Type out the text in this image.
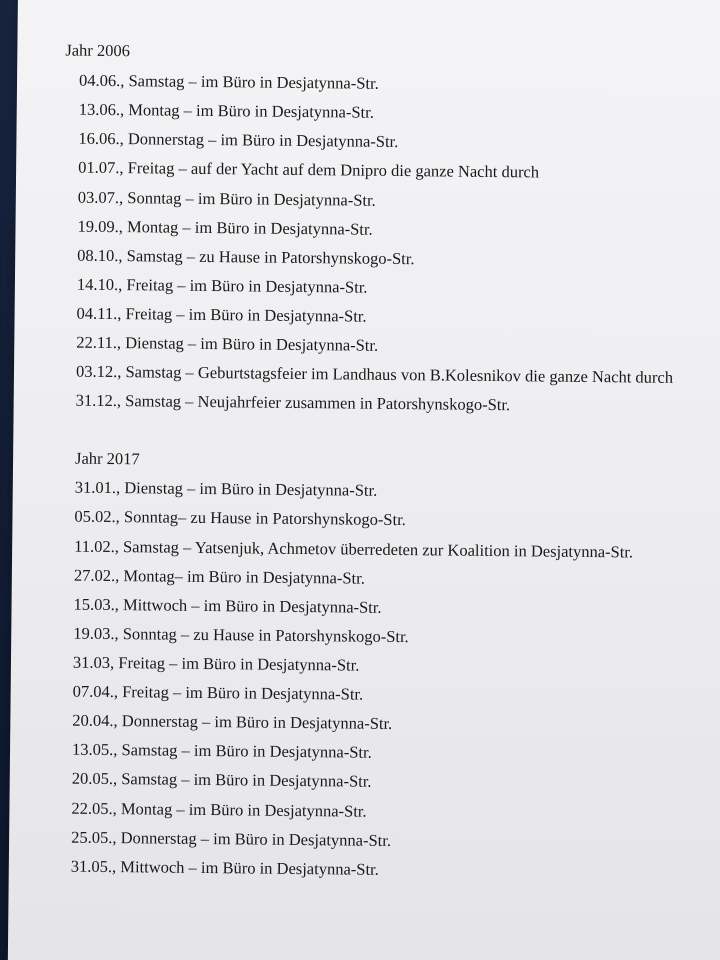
Jahr 2006
04.06., Samstag – im Büro in Desjatynna-Str.
13.06., Montag – im Büro in Desjatynna-Str.
16.06., Donnerstag – im Büro in Desjatynna-Str.
01.07., Freitag – auf der Yacht auf dem Dnipro die ganze Nacht durch
03.07., Sonntag – im Büro in Desjatynna-Str.
19.09., Montag – im Büro in Desjatynna-Str.
08.10., Samstag – zu Hause in Patorshynskogo-Str.
14.10., Freitag – im Büro in Desjatynna-Str.
04.11., Freitag – im Büro in Desjatynna-Str.
22.11., Dienstag – im Büro in Desjatynna-Str.
03.12., Samstag – Geburtstagsfeier im Landhaus von B.Kolesnikov die ganze Nacht durch
31.12., Samstag – Neujahrfeier zusammen in Patorshynskogo-Str.
Jahr 2017
31.01., Dienstag – im Büro in Desjatynna-Str.
05.02., Sonntag– zu Hause in Patorshynskogo-Str.
11.02., Samstag – Yatsenjuk, Achmetov überredeten zur Koalition in Desjatynna-Str.
27.02., Montag– im Büro in Desjatynna-Str.
15.03., Mittwoch – im Büro in Desjatynna-Str.
19.03., Sonntag – zu Hause in Patorshynskogo-Str.
31.03, Freitag – im Büro in Desjatynna-Str.
07.04., Freitag – im Büro in Desjatynna-Str.
20.04., Donnerstag – im Büro in Desjatynna-Str.
13.05., Samstag – im Büro in Desjatynna-Str.
20.05., Samstag – im Büro in Desjatynna-Str.
22.05., Montag – im Büro in Desjatynna-Str.
25.05., Donnerstag – im Büro in Desjatynna-Str.
31.05., Mittwoch – im Büro in Desjatynna-Str.
